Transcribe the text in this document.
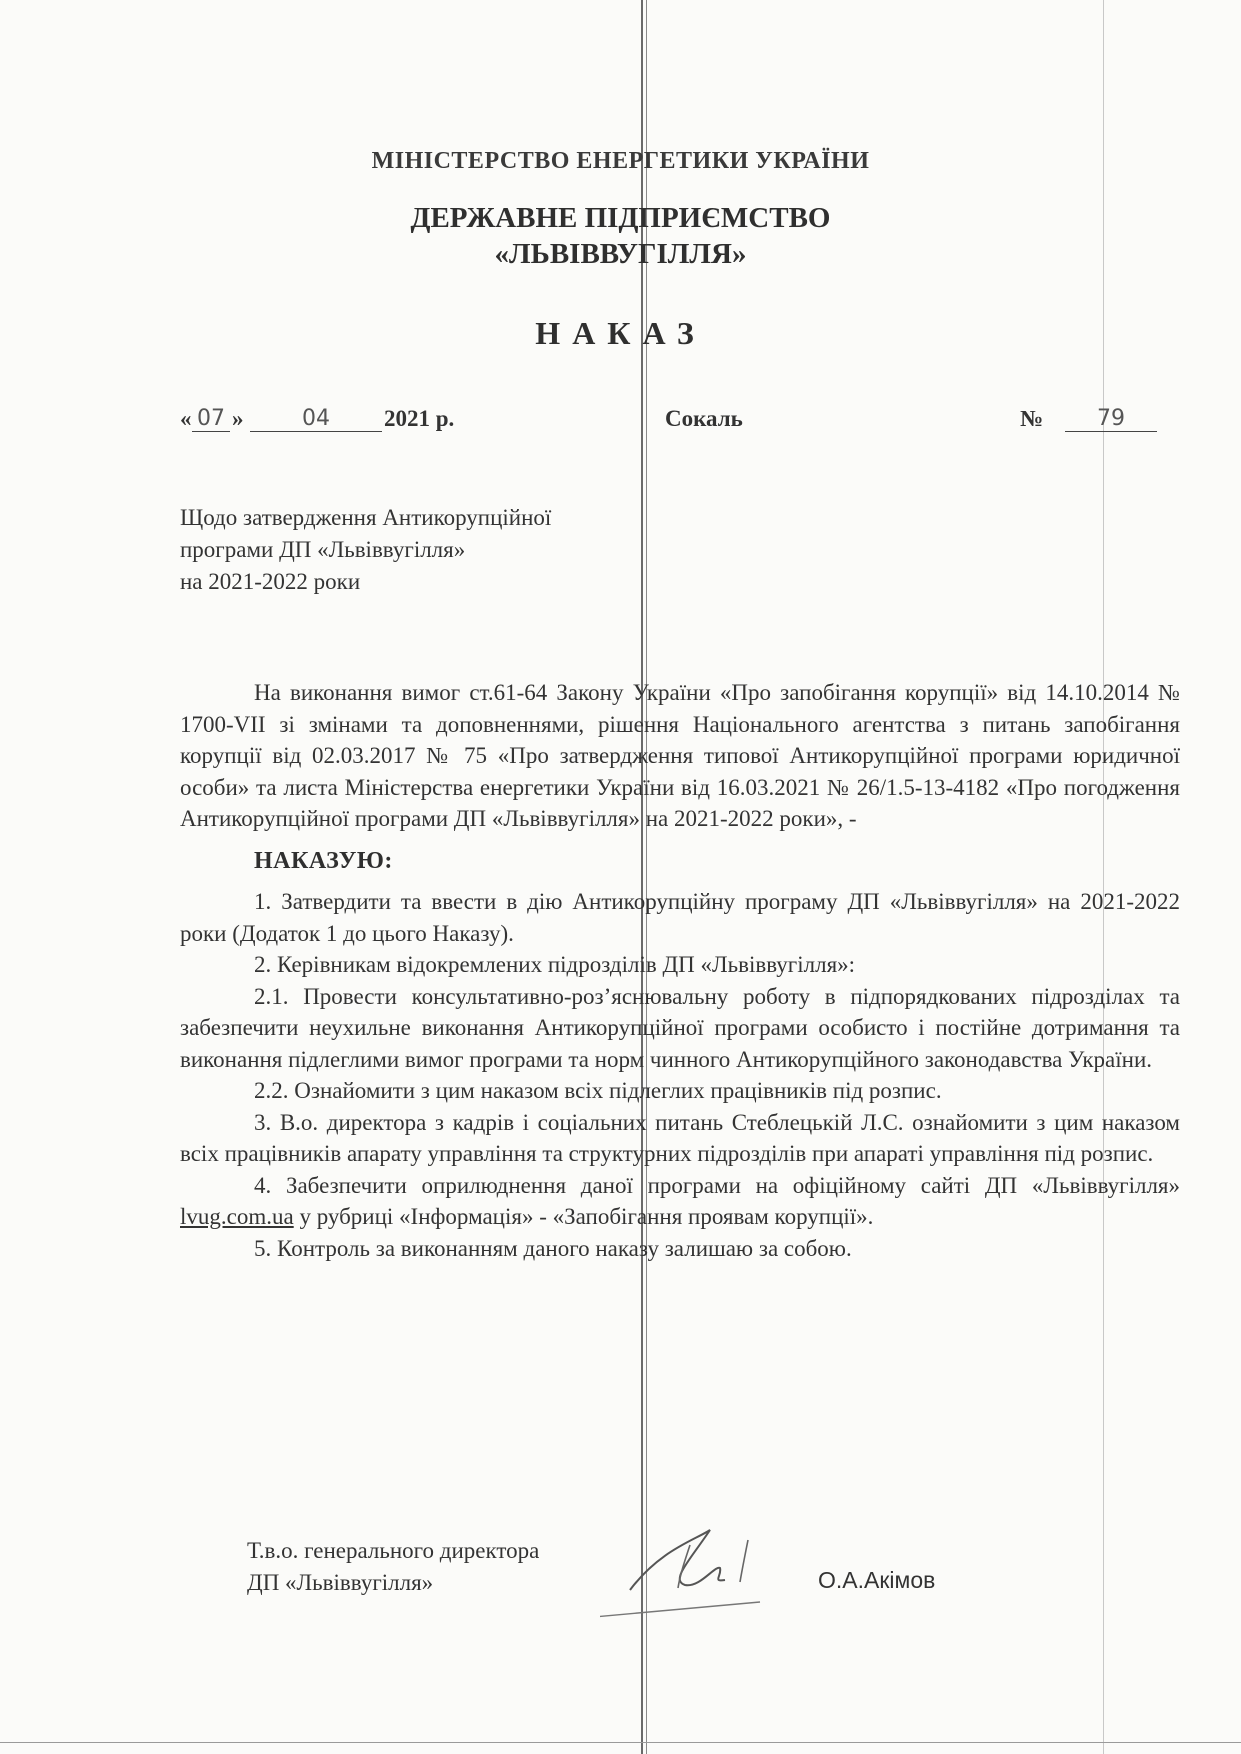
МІНІСТЕРСТВО ЕНЕРГЕТИКИ УКРАЇНИ
ДЕРЖАВНЕ ПІДПРИЄМСТВО
«ЛЬВІВВУГІЛЛЯ»
НАКАЗ
« 07 »	04	2021 р.	Сокаль	№	79
Щодо затвердження Антикорупційної
програми ДП «Львіввугілля»
на 2021-2022 роки

На виконання вимог ст.61-64 Закону України «Про запобігання корупції» від 14.10.2014 № 1700-VІІ зі змінами та доповненнями, рішення Національного агентства з питань запобігання корупції від 02.03.2017 № 75 «Про затвердження типової Антикорупційної програми юридичної особи» та листа Міністерства енергетики України від 16.03.2021 № 26/1.5-13-4182 «Про погодження Антикорупційної програми ДП «Львіввугілля» на 2021-2022 роки», -

НАКАЗУЮ:

1. Затвердити та ввести в дію Антикорупційну програму ДП «Львіввугілля» на 2021-2022 роки (Додаток 1 до цього Наказу).

2. Керівникам відокремлених підрозділів ДП «Львіввугілля»:

2.1. Провести консультативно-роз’яснювальну роботу в підпорядкованих підрозділах та забезпечити неухильне виконання Антикорупційної програми особисто і постійне дотримання та виконання підлеглими вимог програми та норм чинного Антикорупційного законодавства України.

2.2. Ознайомити з цим наказом всіх підлеглих працівників під розпис.

3. В.о. директора з кадрів і соціальних питань Стеблецькій Л.С. ознайомити з цим наказом всіх працівників апарату управління та структурних підрозділів при апараті управління під розпис.

4. Забезпечити оприлюднення даної програми на офіційному сайті ДП «Львіввугілля» lvug.com.ua у рубриці «Інформація» - «Запобігання проявам корупції».

5. Контроль за виконанням даного наказу залишаю за собою.

Т.в.о. генерального директора
ДП «Львіввугілля»	О.А.Акімов
